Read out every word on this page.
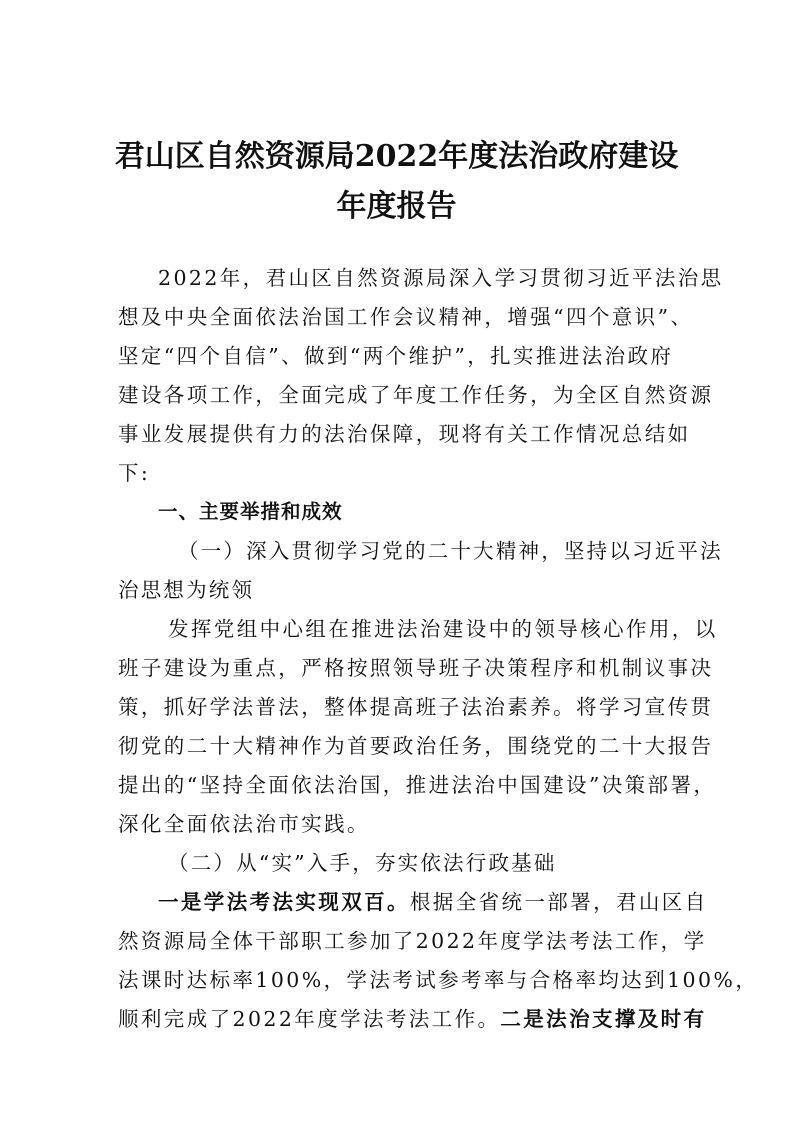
君山区自然资源局2022年度法治政府建设
年度报告

2022年，君山区自然资源局深入学习贯彻习近平法治思

想及中央全面依法治国工作会议精神，增强“四个意识”、

坚定“四个自信”、做到“两个维护”，扎实推进法治政府

建设各项工作，全面完成了年度工作任务，为全区自然资源

事业发展提供有力的法治保障，现将有关工作情况总结如

下:

一、主要举措和成效

（一）深入贯彻学习党的二十大精神，坚持以习近平法

治思想为统领

发挥党组中心组在推进法治建设中的领导核心作用，以

班子建设为重点，严格按照领导班子决策程序和机制议事决

策，抓好学法普法，整体提高班子法治素养。将学习宣传贯

彻党的二十大精神作为首要政治任务，围绕党的二十大报告

提出的“坚持全面依法治国，推进法治中国建设”决策部署，

深化全面依法治市实践。

（二）从“实”入手，夯实依法行政基础

一是学法考法实现双百。根据全省统一部署，君山区自

然资源局全体干部职工参加了2022年度学法考法工作，学

法课时达标率100%，学法考试参考率与合格率均达到100%，

顺利完成了2022年度学法考法工作。二是法治支撑及时有
